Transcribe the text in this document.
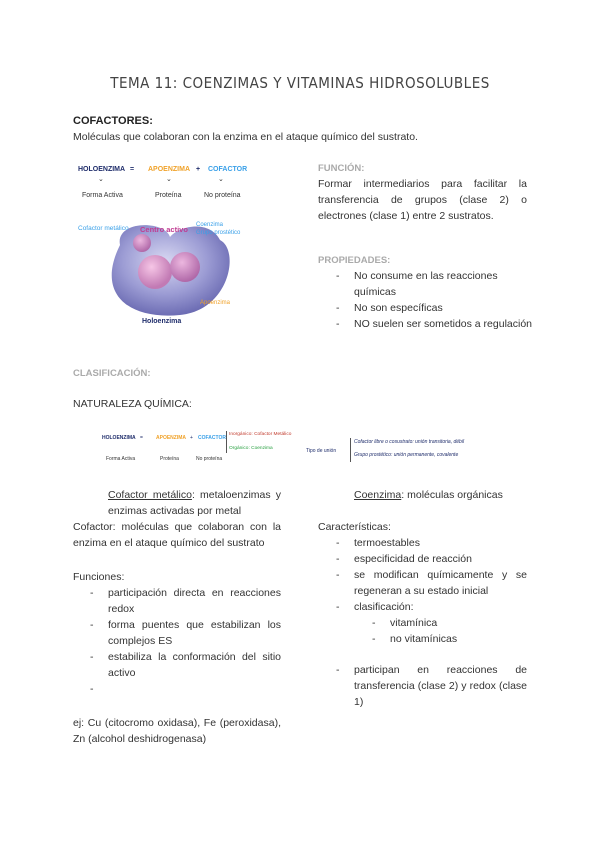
TEMA 11: COENZIMAS Y VITAMINAS HIDROSOLUBLES
COFACTORES:
Moléculas que colaboran con la enzima en el ataque químico del sustrato.
HOLOENZIMA = APOENZIMA + COFACTOR
⌄	⌄	⌄
Forma Activa	Proteína	No proteína
Cofactor metálico Centro activo Coenzima
Grupo prostético
Apoenzima
Holoenzima
FUNCIÓN:
Formar intermediarios para facilitar la transferencia de grupos (clase 2) o electrones (clase 1) entre 2 sustratos.
PROPIEDADES:
- No consume en las reacciones químicas
- No son específicas
- NO suelen ser sometidos a regulación
CLASIFICACIÓN:
NATURALEZA QUÍMICA:
HOLOENZIMA =	APOENZIMA + COFACTOR
Forma Activa	Proteína	No proteína
Inorgánico: Cofactor Metálico
Orgánico: Coenzima	Tipo de unión
Cofactor libre o cosustrato: unión transitoria, débil
Grupo prostético: unión permanente, covalente
Cofactor metálico: metaloenzimas y enzimas activadas por metal
Cofactor: moléculas que colaboran con la enzima en el ataque químico del sustrato
Funciones:
- participación directa en reacciones redox
- forma puentes que estabilizan los complejos ES
- estabiliza la conformación del sitio activo
-
ej: Cu (citocromo oxidasa), Fe (peroxidasa), Zn (alcohol deshidrogenasa)
Coenzima: moléculas orgánicas
Características:
- termoestables
- especificidad de reacción
- se modifican químicamente y se regeneran a su estado inicial
- clasificación:
- vitamínica
- no vitamínicas
- participan en reacciones de transferencia (clase 2) y redox (clase 1)
